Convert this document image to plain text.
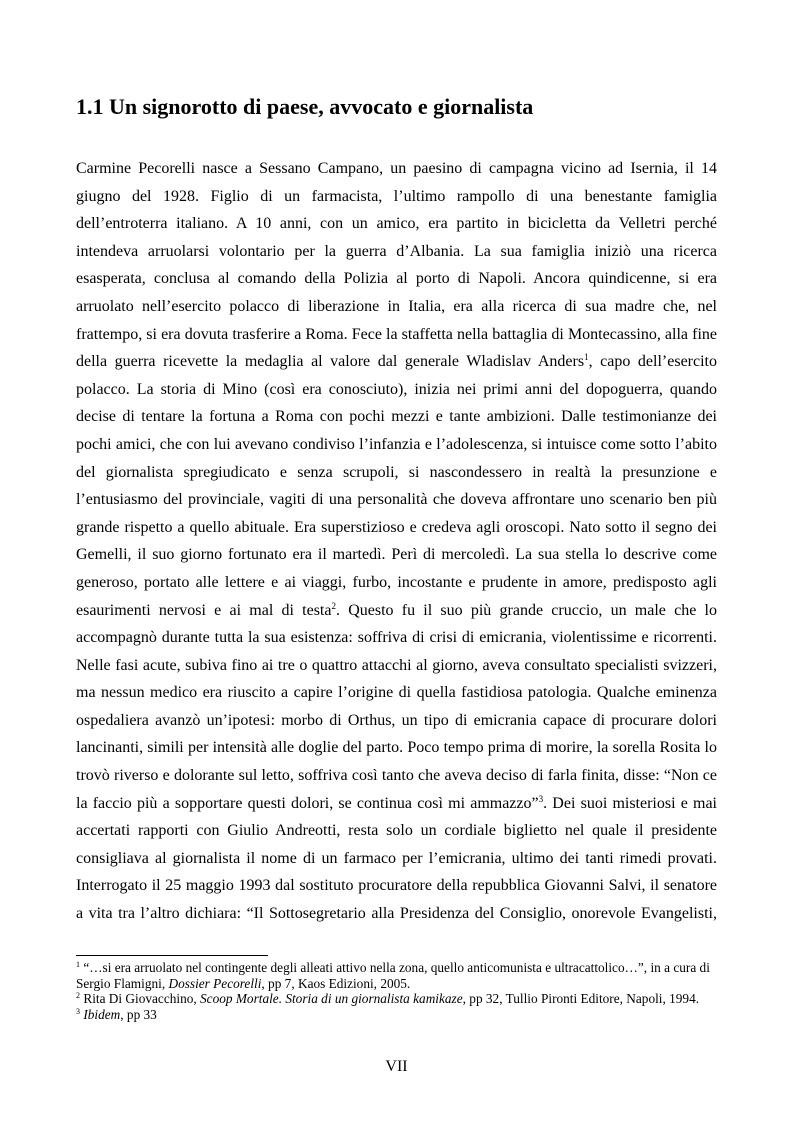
1.1 Un signorotto di paese, avvocato e giornalista
Carmine Pecorelli nasce a Sessano Campano, un paesino di campagna vicino ad Isernia, il 14
giugno del 1928. Figlio di un farmacista, l’ultimo rampollo di una benestante famiglia
dell’entroterra italiano. A 10 anni, con un amico, era partito in bicicletta da Velletri perché
intendeva arruolarsi volontario per la guerra d’Albania. La sua famiglia iniziò una ricerca
esasperata, conclusa al comando della Polizia al porto di Napoli. Ancora quindicenne, si era
arruolato nell’esercito polacco di liberazione in Italia, era alla ricerca di sua madre che, nel
frattempo, si era dovuta trasferire a Roma. Fece la staffetta nella battaglia di Montecassino, alla fine
della guerra ricevette la medaglia al valore dal generale Wladislav Anders$^1$, capo dell’esercito
polacco. La storia di Mino (così era conosciuto), inizia nei primi anni del dopoguerra, quando
decise di tentare la fortuna a Roma con pochi mezzi e tante ambizioni. Dalle testimonianze dei
pochi amici, che con lui avevano condiviso l’infanzia e l’adolescenza, si intuisce come sotto l’abito
del giornalista spregiudicato e senza scrupoli, si nascondessero in realtà la presunzione e
l’entusiasmo del provinciale, vagiti di una personalità che doveva affrontare uno scenario ben più
grande rispetto a quello abituale. Era superstizioso e credeva agli oroscopi. Nato sotto il segno dei
Gemelli, il suo giorno fortunato era il martedì. Perì di mercoledì. La sua stella lo descrive come
generoso, portato alle lettere e ai viaggi, furbo, incostante e prudente in amore, predisposto agli
esaurimenti nervosi e ai mal di testa$^2$. Questo fu il suo più grande cruccio, un male che lo
accompagnò durante tutta la sua esistenza: soffriva di crisi di emicrania, violentissime e ricorrenti.
Nelle fasi acute, subiva fino ai tre o quattro attacchi al giorno, aveva consultato specialisti svizzeri,
ma nessun medico era riuscito a capire l’origine di quella fastidiosa patologia. Qualche eminenza
ospedaliera avanzò un’ipotesi: morbo di Orthus, un tipo di emicrania capace di procurare dolori
lancinanti, simili per intensità alle doglie del parto. Poco tempo prima di morire, la sorella Rosita lo
trovò riverso e dolorante sul letto, soffriva così tanto che aveva deciso di farla finita, disse: “Non ce
la faccio più a sopportare questi dolori, se continua così mi ammazzo”$^3$. Dei suoi misteriosi e mai
accertati rapporti con Giulio Andreotti, resta solo un cordiale biglietto nel quale il presidente
consigliava al giornalista il nome di un farmaco per l’emicrania, ultimo dei tanti rimedi provati.
Interrogato il 25 maggio 1993 dal sostituto procuratore della repubblica Giovanni Salvi, il senatore
a vita tra l’altro dichiara: “Il Sottosegretario alla Presidenza del Consiglio, onorevole Evangelisti,
$^1$ “…si era arruolato nel contingente degli alleati attivo nella zona, quello anticomunista e ultracattolico…”, in a cura di Sergio Flamigni, Dossier Pecorelli, pp 7, Kaos Edizioni, 2005.
$^2$ Rita Di Giovacchino, Scoop Mortale. Storia di un giornalista kamikaze, pp 32, Tullio Pironti Editore, Napoli, 1994.
$^3$ Ibidem, pp 33
VII
